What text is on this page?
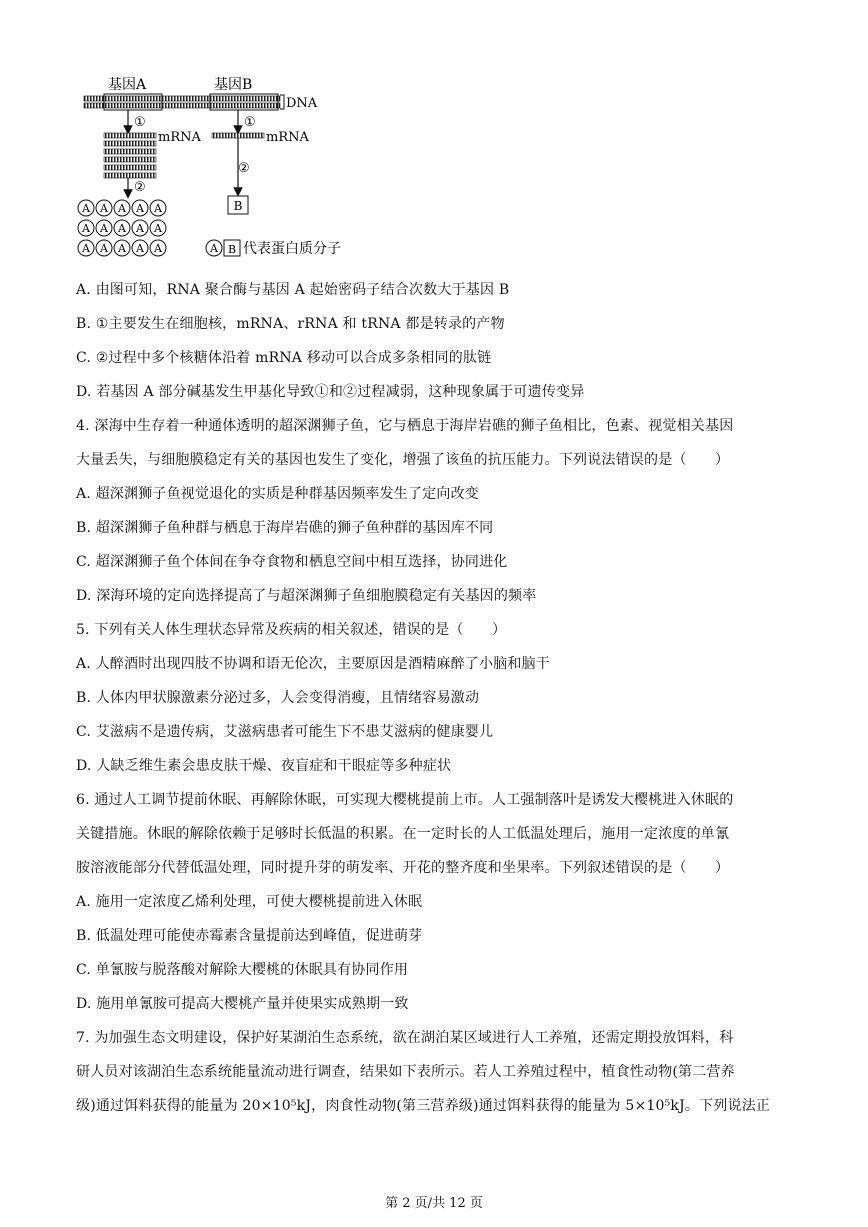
基因A	基因B
DNA
①
mRNA
②
A A A A A
A A A A A
A A A A A
①
mRNA
②
B
A B 代表蛋白质分子
A. 由图可知，RNA 聚合酶与基因 A 起始密码子结合次数大于基因 B
B. ①主要发生在细胞核，mRNA、rRNA 和 tRNA 都是转录的产物
C. ②过程中多个核糖体沿着 mRNA 移动可以合成多条相同的肽链
D. 若基因 A 部分碱基发生甲基化导致①和②过程减弱，这种现象属于可遗传变异
4. 深海中生存着一种通体透明的超深渊狮子鱼，它与栖息于海岸岩礁的狮子鱼相比，色素、视觉相关基因
大量丢失，与细胞膜稳定有关的基因也发生了变化，增强了该鱼的抗压能力。下列说法错误的是（　　）
A. 超深渊狮子鱼视觉退化的实质是种群基因频率发生了定向改变
B. 超深渊狮子鱼种群与栖息于海岸岩礁的狮子鱼种群的基因库不同
C. 超深渊狮子鱼个体间在争夺食物和栖息空间中相互选择，协同进化
D. 深海环境的定向选择提高了与超深渊狮子鱼细胞膜稳定有关基因的频率
5. 下列有关人体生理状态异常及疾病的相关叙述，错误的是（　　）
A. 人醉酒时出现四肢不协调和语无伦次，主要原因是酒精麻醉了小脑和脑干
B. 人体内甲状腺激素分泌过多，人会变得消瘦，且情绪容易激动
C. 艾滋病不是遗传病，艾滋病患者可能生下不患艾滋病的健康婴儿
D. 人缺乏维生素会患皮肤干燥、夜盲症和干眼症等多种症状
6. 通过人工调节提前休眠、再解除休眠，可实现大樱桃提前上市。人工强制落叶是诱发大樱桃进入休眠的
关键措施。休眠的解除依赖于足够时长低温的积累。在一定时长的人工低温处理后，施用一定浓度的单氰
胺溶液能部分代替低温处理，同时提升芽的萌发率、开花的整齐度和坐果率。下列叙述错误的是（　　）
A. 施用一定浓度乙烯利处理，可使大樱桃提前进入休眠
B. 低温处理可能使赤霉素含量提前达到峰值，促进萌芽
C. 单氰胺与脱落酸对解除大樱桃的休眠具有协同作用
D. 施用单氰胺可提高大樱桃产量并使果实成熟期一致
7. 为加强生态文明建设，保护好某湖泊生态系统，欲在湖泊某区域进行人工养殖，还需定期投放饵料，科
研人员对该湖泊生态系统能量流动进行调查，结果如下表所示。若人工养殖过程中，植食性动物(第二营养
级)通过饵料获得的能量为 20×10⁵kJ，肉食性动物(第三营养级)通过饵料获得的能量为 5×10⁵kJ。下列说法正
第 2 页/共 12 页
